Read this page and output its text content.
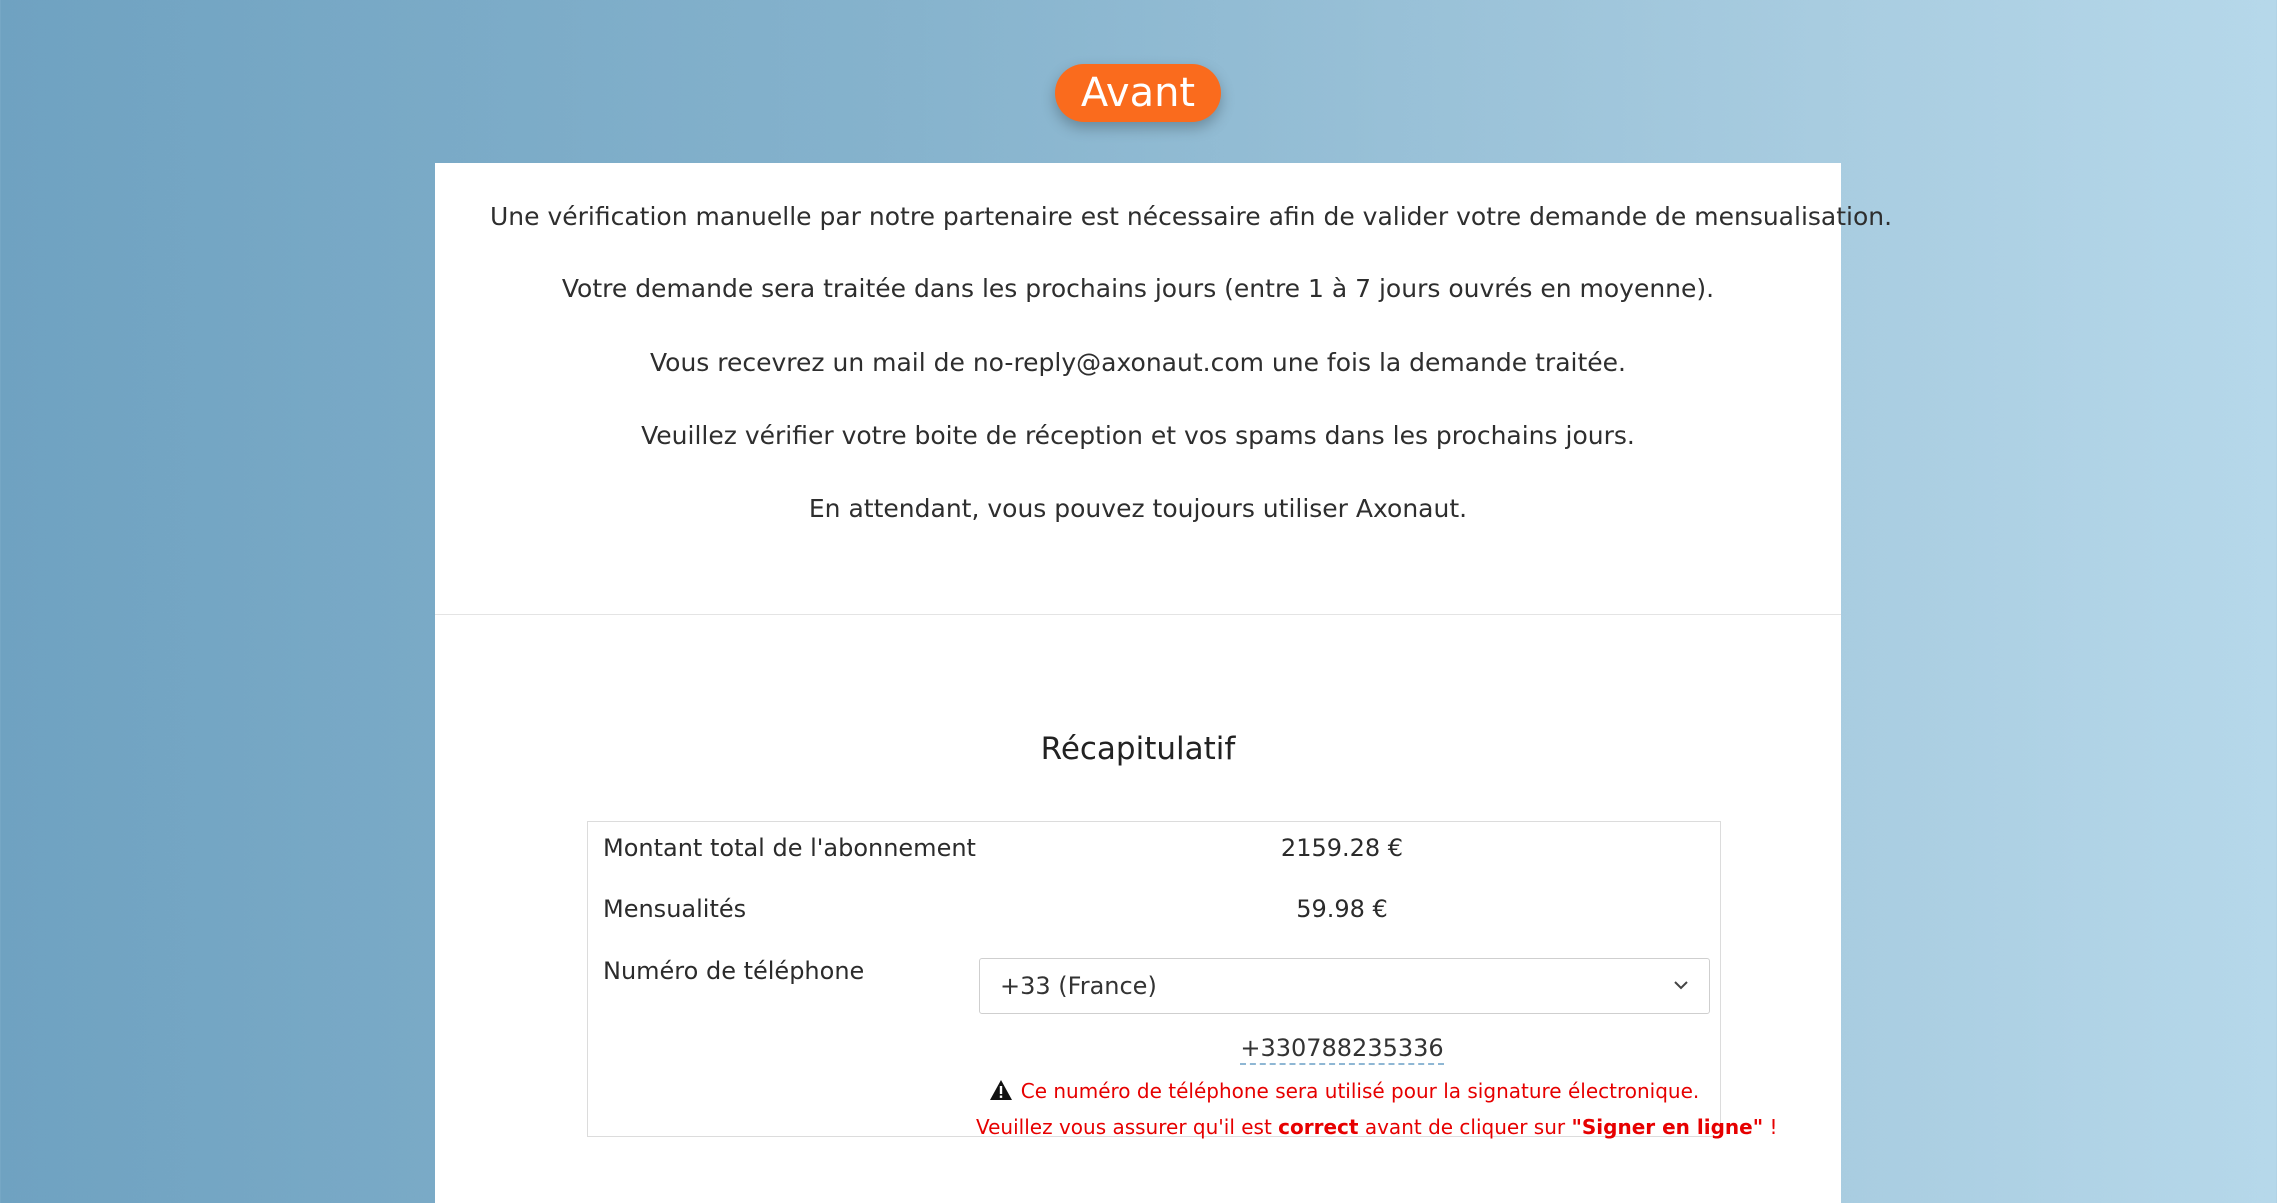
Avant
Une vérification manuelle par notre partenaire est nécessaire afin de valider votre demande de mensualisation.
Votre demande sera traitée dans les prochains jours (entre 1 à 7 jours ouvrés en moyenne).
Vous recevrez un mail de no-reply@axonaut.com une fois la demande traitée.
Veuillez vérifier votre boite de réception et vos spams dans les prochains jours.
En attendant, vous pouvez toujours utiliser Axonaut.
Récapitulatif
Montant total de l'abonnement	2159.28 €
Mensualités	59.98 €
Numéro de téléphone
+33 (France)
+330788235336
Ce numéro de téléphone sera utilisé pour la signature électronique.
Veuillez vous assurer qu'il est correct avant de cliquer sur "Signer en ligne" !
